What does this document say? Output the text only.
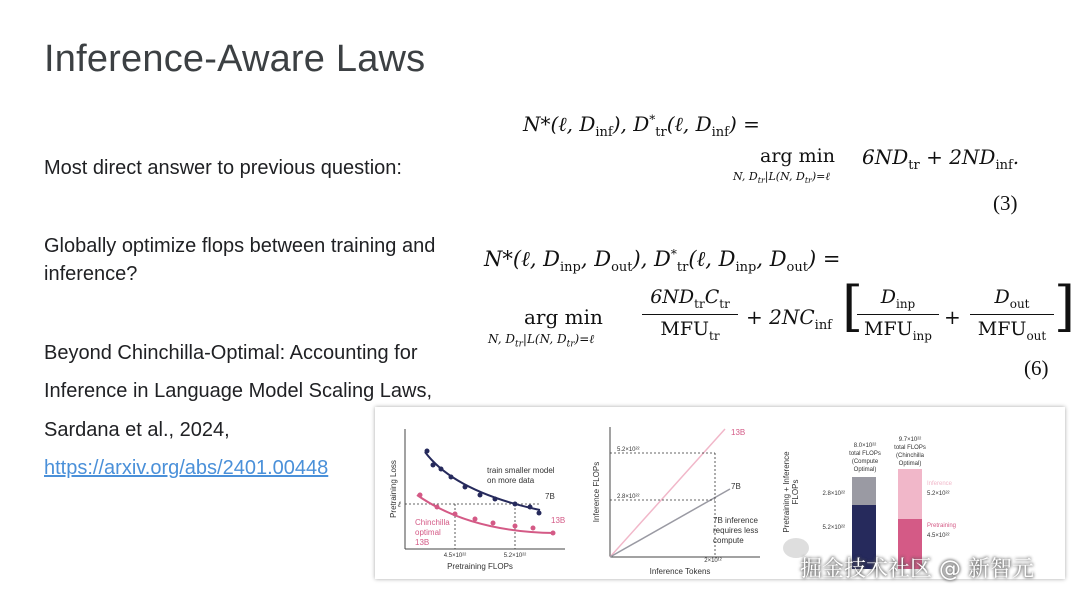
Inference-Aware Laws
Most direct answer to previous question:
Globally optimize flops between training and
inference?
Beyond Chinchilla-Optimal: Accounting for
Inference in Language Model Scaling Laws,
Sardana et al., 2024,
https://arxiv.org/abs/2401.00448
N*(ℓ, $D_{inf}$), $D^*_{tr}(\ell$, $D_{inf}$) =
arg min
N, $D_{tr}|L(N$, $D_{tr})=\ell$
$6ND_{tr} + 2ND_{inf}$.
(3)
N*(ℓ, $D_{inp}$, $D_{out}$), $D^*_{tr}(\ell$, $D_{inp}$, $D_{out}$) =
arg min
N, $D_{tr}|L(N$, $D_{tr})=\ell$
$6ND_{tr}C_{tr}$
$MFU_{tr}$
+ $2NC_{inf}$ [ $D_{inp}$
$MFU_{inp}$
+
$D_{out}$
$MFU_{out}$ ]
(6)
Pretraining Loss
Pretraining FLOPs
ℓ
train smaller model
on more data
7B
13B
Chinchilla
optimal
13B
4.5×10²²	5.2×10²²
Inference FLOPs
Inference Tokens
13B
7B
5.2×10²²
2.8×10²²
2×10¹²
7B inference
requires less
compute
Pretraining + Inference FLOPs
8.0×10²²
total FLOPs
(Compute
Optimal)
9.7×10²²
total FLOPs
(Chinchilla
Optimal)
2.8×10²²
5.2×10²²
Inference
5.2×10²²
Pretraining
4.5×10²²
掘金技术社区 @ 新智元
